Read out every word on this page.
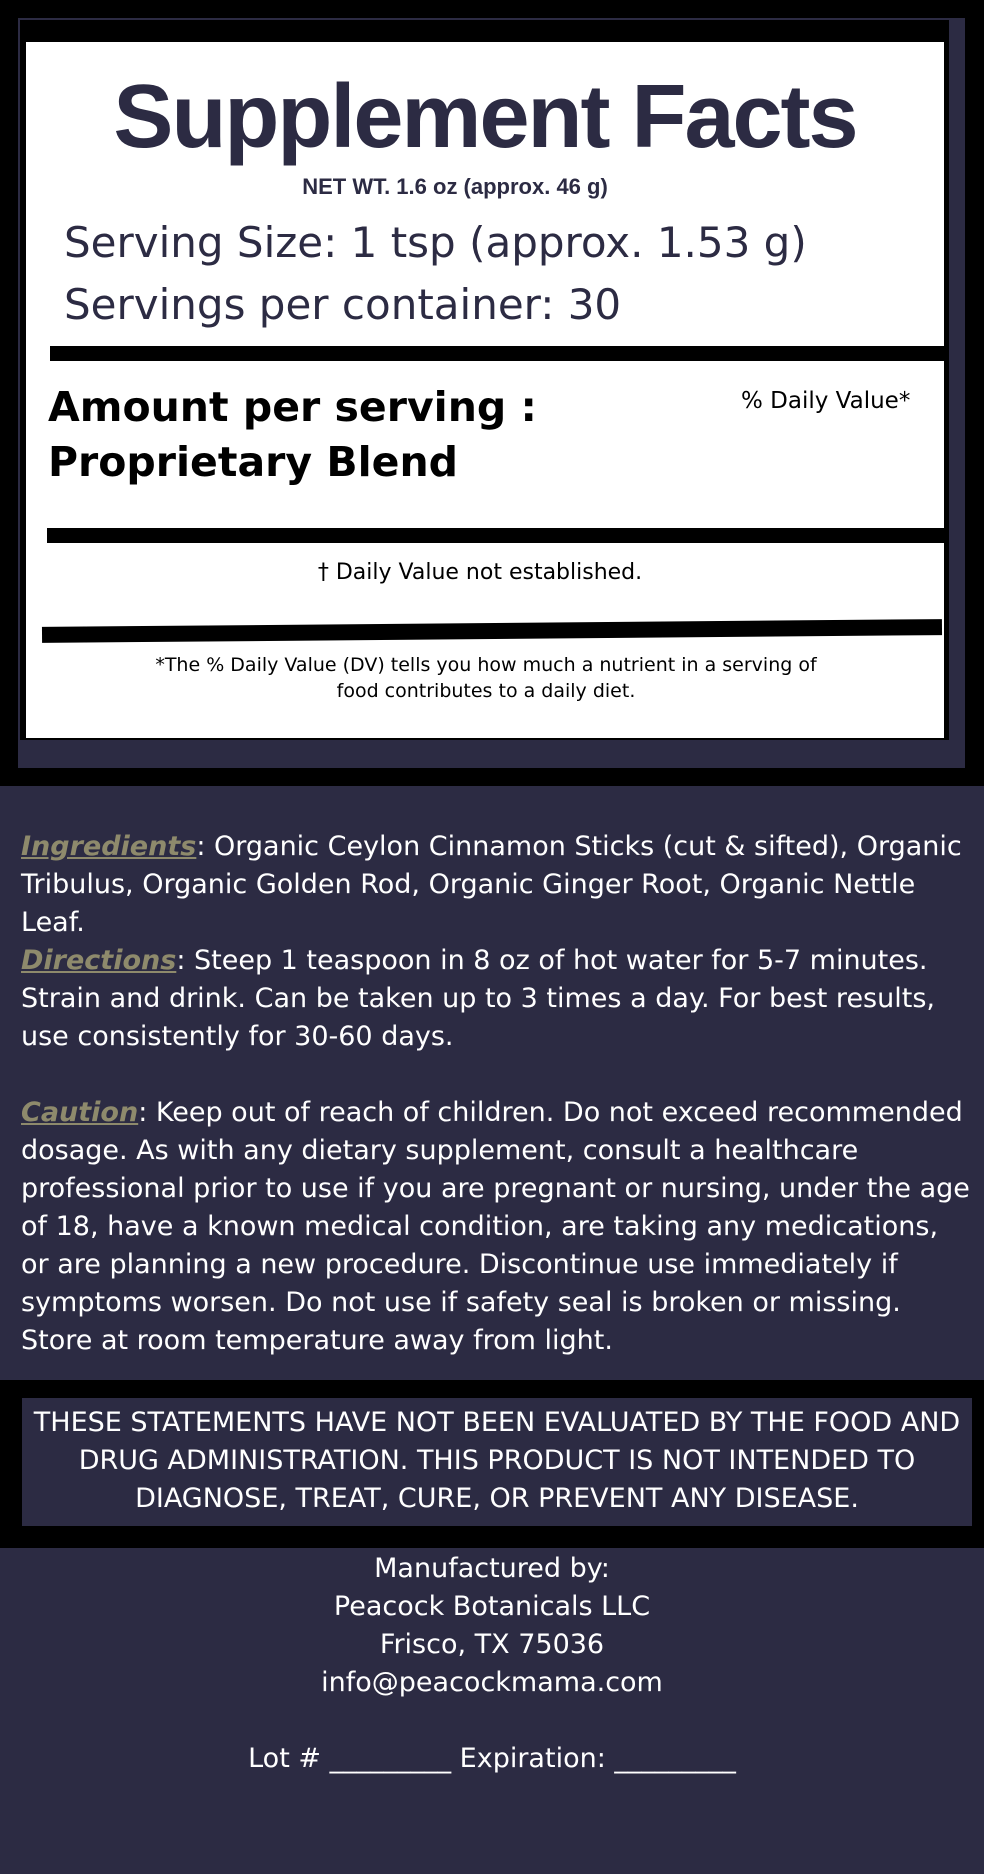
Supplement Facts
NET WT. 1.6 oz (approx. 46 g)
Serving Size: 1 tsp (approx. 1.53 g)
Servings per container: 30
Amount per serving : Proprietary Blend
% Daily Value*
† Daily Value not established.
*The % Daily Value (DV) tells you how much a nutrient in a serving of food contributes to a daily diet.
Ingredients: Organic Ceylon Cinnamon Sticks (cut & sifted), Organic Tribulus, Organic Golden Rod, Organic Ginger Root, Organic Nettle Leaf.
Directions: Steep 1 teaspoon in 8 oz of hot water for 5-7 minutes. Strain and drink. Can be taken up to 3 times a day. For best results, use consistently for 30-60 days.
Caution: Keep out of reach of children. Do not exceed recommended dosage. As with any dietary supplement, consult a healthcare professional prior to use if you are pregnant or nursing, under the age of 18, have a known medical condition, are taking any medications, or are planning a new procedure. Discontinue use immediately if symptoms worsen. Do not use if safety seal is broken or missing. Store at room temperature away from light.
THESE STATEMENTS HAVE NOT BEEN EVALUATED BY THE FOOD AND DRUG ADMINISTRATION. THIS PRODUCT IS NOT INTENDED TO DIAGNOSE, TREAT, CURE, OR PREVENT ANY DISEASE.
Manufactured by:
Peacock Botanicals LLC
Frisco, TX 75036
info@peacockmama.com
Lot # _________ Expiration: _________
